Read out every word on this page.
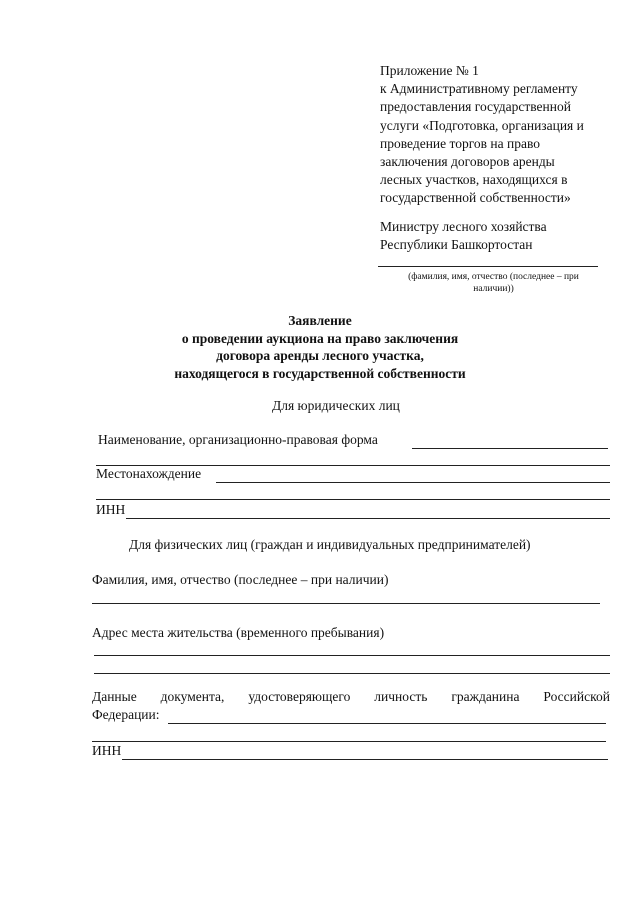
Приложение № 1
к Административному регламенту
предоставления государственной
услуги «Подготовка, организация и
проведение торгов на право
заключения договоров аренды
лесных участков, находящихся в
государственной собственности»
Министру лесного хозяйства
Республики Башкортостан
(фамилия, имя, отчество (последнее – при
наличии))
Заявление
о проведении аукциона на право заключения
договора аренды лесного участка,
находящегося в государственной собственности
Для юридических лиц
Наименование, организационно-правовая форма
Местонахождение
ИНН
Для физических лиц (граждан и индивидуальных предпринимателей)
Фамилия, имя, отчество (последнее – при наличии)
Адрес места жительства (временного пребывания)
Данные документа, удостоверяющего личность гражданина Российской
Федерации:
ИНН
